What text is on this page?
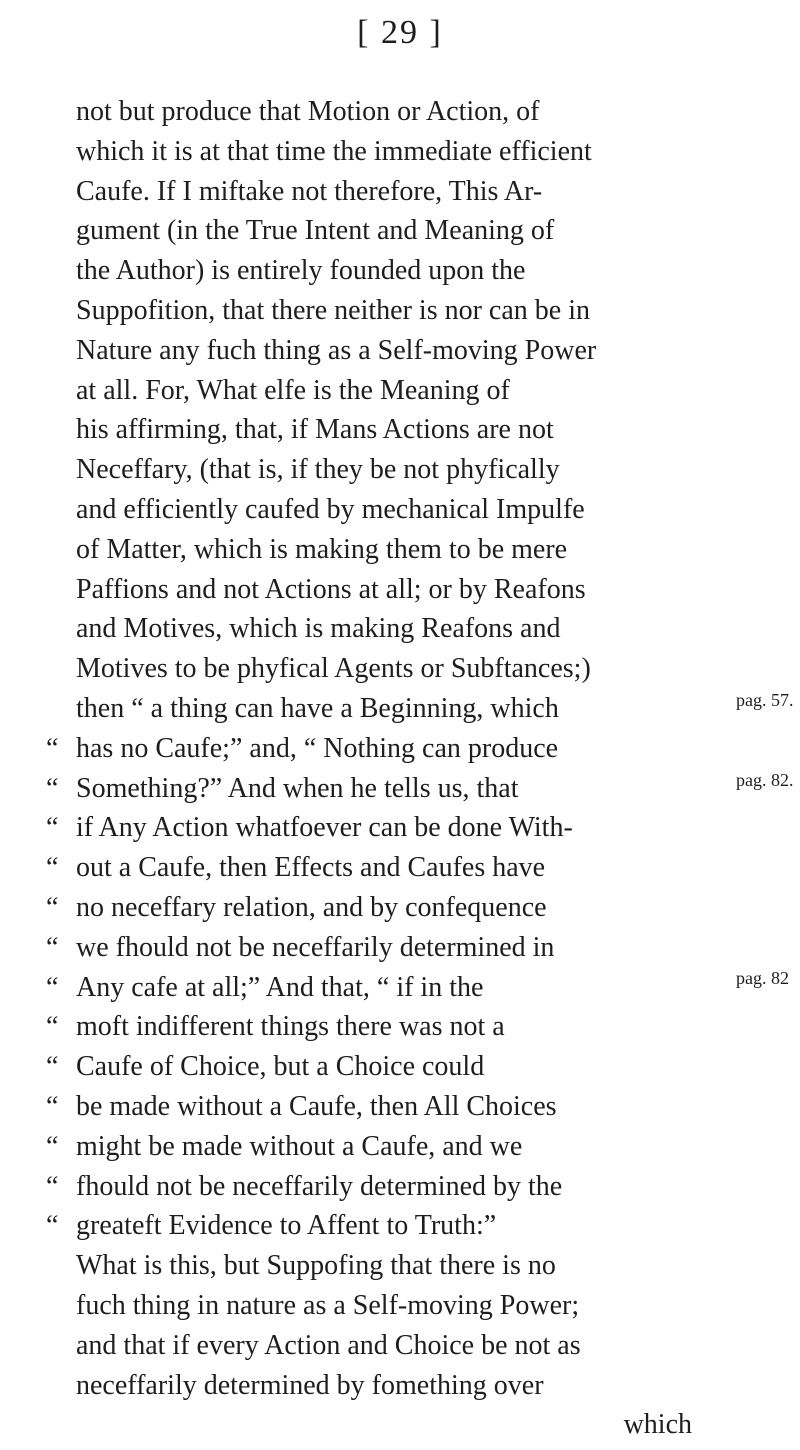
[ 29 ]
not but produce that Motion or Action, of
which it is at that time the immediate efficient
Caufe. If I miftake not therefore, This Ar-
gument (in the True Intent and Meaning of
the Author) is entirely founded upon the
Suppofition, that there neither is nor can be in
Nature any fuch thing as a Self-moving Power
at all. For, What elfe is the Meaning of
his affirming, that, if Mans Actions are not
Neceffary, (that is, if they be not phyfically
and efficiently caufed by mechanical Impulfe
of Matter, which is making them to be mere
Paffions and not Actions at all; or by Reafons
and Motives, which is making Reafons and
Motives to be phyfical Agents or Subftances;)
then “ a thing can have a Beginning, which
“ has no Caufe;” and, “ Nothing can produce
“ Something?” And when he tells us, that
“ if Any Action whatfoever can be done With-
“ out a Caufe, then Effects and Caufes have
“ no neceffary relation, and by confequence
“ we fhould not be neceffarily determined in
“ Any cafe at all;” And that, “ if in the
“ moft indifferent things there was not a
“ Caufe of Choice, but a Choice could
“ be made without a Caufe, then All Choices
“ might be made without a Caufe, and we
“ fhould not be neceffarily determined by the
“ greateft Evidence to Affent to Truth:”
What is this, but Suppofing that there is no
fuch thing in nature as a Self-moving Power;
and that if every Action and Choice be not as
neceffarily determined by fomething over
which
pag. 57.
pag. 82.
pag. 82
